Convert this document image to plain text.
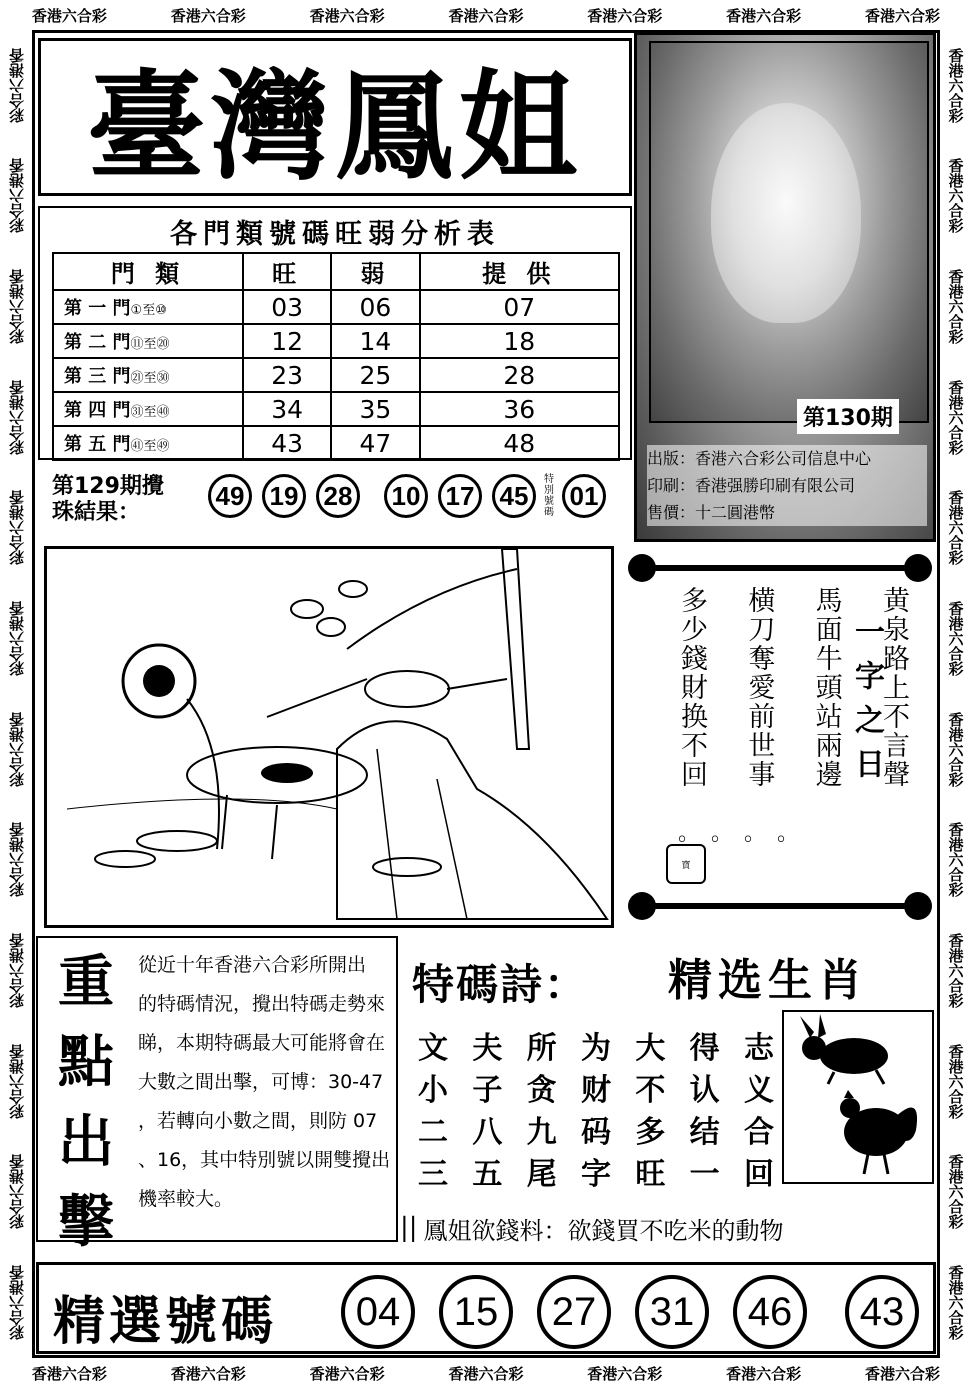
香港六合彩	香港六合彩	香港六合彩	香港六合彩	香港六合彩	香港六合彩	香港六合彩
香港六合彩	香港六合彩	香港六合彩	香港六合彩	香港六合彩	香港六合彩	香港六合彩
彩合六港香
彩合六港香
彩合六港香
彩合六港香
彩合六港香
彩合六港香
彩合六港香
彩合六港香
彩合六港香
彩合六港香
彩合六港香
彩合六港香
香港六合彩
香港六合彩
香港六合彩
香港六合彩
香港六合彩
香港六合彩
香港六合彩
香港六合彩
香港六合彩
香港六合彩
香港六合彩
香港六合彩
臺灣鳳姐
第130期
出版：香港六合彩公司信息中心
印刷：香港强勝印刷有限公司
售價：十二圓港幣
各門類號碼旺弱分析表
門 類	旺	弱	提 供
第 一 門①至⑩	03	06	07
第 二 門⑪至⑳	12	14	18
第 三 門㉑至㉚	23	25	28
第 四 門㉛至㊵	34	35	36
第 五 門㊶至㊾	43	47	48
第129期攪
珠結果：
49 19 28 10 17 45
特別號碼
01
黄泉路上不言聲
馬面牛頭站兩邊
横刀奪愛前世事
多少錢財换不回	一字之日
。。。。
寶
重
點
出
擊
從近十年香港六合彩所開出
的特碼情況，攪出特碼走勢來
睇，本期特碼最大可能將會在
大數之間出擊，可博：30-47
，若轉向小數之間，則防 07
、16，其中特別號以開雙攪出
機率較大。
特碼詩： 精选生肖
文 夫 所 为 大 得 志
小 子 贪 财 不 认 义
二 八 九 码 多 结 合
三 五 尾 字 旺 一 回
|| 鳳姐欲錢料：欲錢買不吃米的動物
精選號碼	04	15	27	31	46	43
